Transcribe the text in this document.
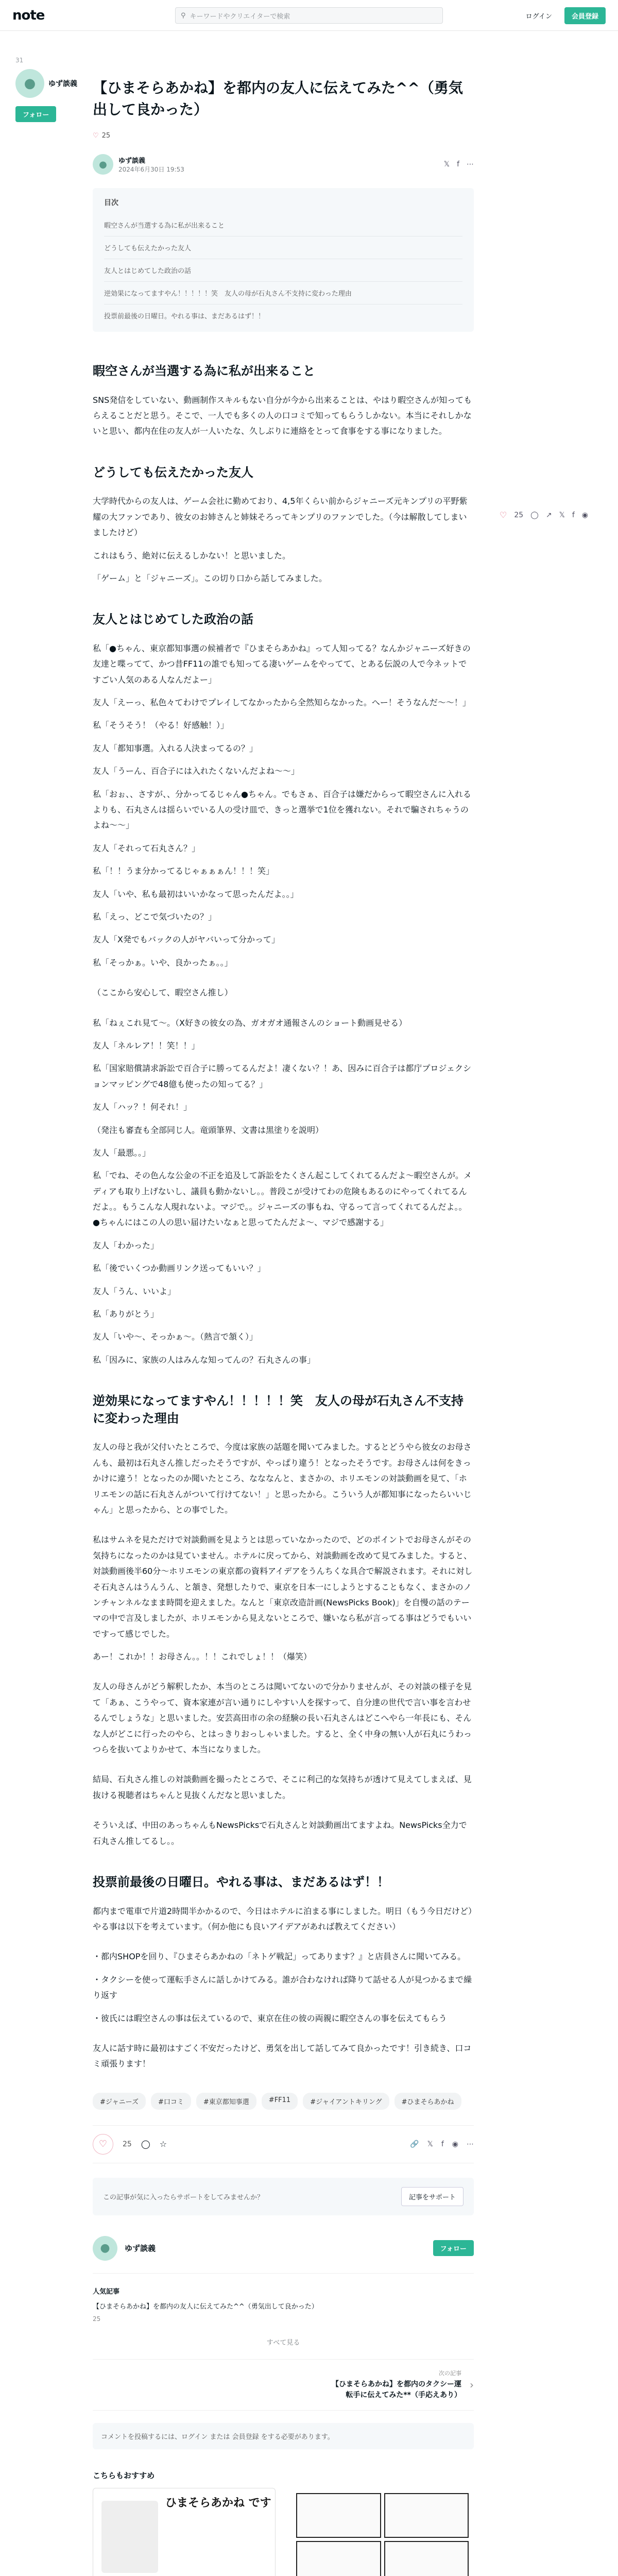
note	⚲ キーワードやクリエイターで検索	ログイン	会員登録
31
●	ゆず談義
フォロー
♡ 25 ◯ ↗ 𝕏 f ◉
【ひまそらあかね】を都内の友人に伝えてみた^^（勇気出して良かった）
♡ 25
●	ゆず談義
2024年6月30日 19:53
𝕏 f ⋯
目次
暇空さんが当選する為に私が出来ること
どうしても伝えたかった友人
友人とはじめてした政治の話
逆効果になってますやん！！！！！笑　友人の母が石丸さん不支持に変わった理由
投票前最後の日曜日。やれる事は、まだあるはず！！
暇空さんが当選する為に私が出来ること

SNS発信をしていない、動画制作スキルもない自分が今から出来ることは、やはり暇空さんが知ってもらえることだと思う。そこで、一人でも多くの人の口コミで知ってもらうしかない。本当にそれしかないと思い、都内在住の友人が一人いたな、久しぶりに連絡をとって食事をする事になりました。

どうしても伝えたかった友人

大学時代からの友人は、ゲーム会社に勤めており、4,5年くらい前からジャニーズ元キンプリの平野紫耀の大ファンであり、彼女のお姉さんと姉妹そろってキンプリのファンでした。（今は解散してしまいましたけど）

これはもう、絶対に伝えるしかない！と思いました。

「ゲーム」と「ジャニーズ」。この切り口から話してみました。

友人とはじめてした政治の話

私「●ちゃん、東京都知事選の候補者で『ひまそらあかね』って人知ってる？なんかジャニーズ好きの友達と喋ってて、かつ昔FF11の誰でも知ってる凄いゲームをやってて、とある伝説の人で今ネットですごい人気のある人なんだよー」

友人「えーっ、私色々てわけでプレイしてなかったから全然知らなかった。へー！そうなんだ〜〜！」

私「そうそう！（やる！好感触！）」

友人「都知事選。入れる人決まってるの？」

友人「うーん、百合子には入れたくないんだよね〜〜」

私「おぉ、、さすが、、分かってるじゃん●ちゃん。でもさぁ、百合子は嫌だからって暇空さんに入れるよりも、石丸さんは揺らいでいる人の受け皿で、きっと選挙で1位を獲れない。それで騙されちゃうのよね〜〜」

友人「それって石丸さん？」

私「！！うま分かってるじゃぁぁぁん！！！笑」

友人「いや、私も最初はいいかなって思ったんだよ。。」

私「えっ、どこで気づいたの？」

友人「X発でもバックの人がヤバいって分かって」

私「そっかぁ。いや、良かったぁ。。」

（ここから安心して、暇空さん推し）

私「ねぇこれ見て〜。（X好きの彼女の為、ガオガオ通報さんのショート動画見せる）

友人「ネルレア！！笑！！」

私「国家賠償請求訴訟で百合子に勝ってるんだよ！凄くない？！あ、因みに百合子は都庁プロジェクションマッピングで48億も使ったの知ってる？」

友人「ハッ？！何それ！」

（発注も審査も全部同じ人。竜頭筆界、文書は黒塗りを説明）

友人「最悪。。」

私「でね、その色んな公金の不正を追及して訴訟をたくさん起こしてくれてるんだよ〜暇空さんが。メディアも取り上げないし、議員も動かないし。。普段こが受けてわの危険もあるのにやってくれてるんだよ。。もうこんな人現れないよ。マジで。。ジャニーズの事もね、守るって言ってくれてるんだよ。。●ちゃんにはこの人の思い届けたいなぁと思ってたんだよ〜、マジで感謝する」

友人「わかった」

私「後でいくつか動画リンク送ってもいい？」

友人「うん、いいよ」

私「ありがとう」

友人「いや〜、そっかぁ〜。（熱言で頷く）」

私「因みに、家族の人はみんな知ってんの？石丸さんの事」

逆効果になってますやん！！！！！笑　友人の母が石丸さん不支持に変わった理由

友人の母と我が父付いたところで、今度は家族の話題を聞いてみました。するとどうやら彼女のお母さんも、最初は石丸さん推しだったそうですが、やっぱり違う！となったそうです。お母さんは何をきっかけに違う！となったのか聞いたところ、なななんと、まさかの、ホリエモンの対談動画を見て、「ホリエモンの話に石丸さんがついて行けてない！」と思ったから。こういう人が都知事になったらいいじゃん」と思ったから、との事でした。

私はサムネを見ただけで対談動画を見ようとは思っていなかったので、どのポイントでお母さんがその気持ちになったのかは見ていません。ホテルに戻ってから、対談動画を改めて見てみました。すると、対談動画後半60分〜ホリエモンの東京都の資料アイデアをうんちくな具合で解説されます。それに対しそ石丸さんはうんうん、と頷き、発想したりで、東京を日本一にしようとすることもなく、まさかのノンチャンネルなまま時間を迎えました。なんと「東京改造計画(NewsPicks Book)」を自慢の話のテーマの中で言及しましたが、ホリエモンから見えないところで、嫌いなら私が言ってる事はどうでもいいですって感じでした。

あー！これか！！お母さん。。！！これでしょ！！（爆笑）

友人の母さんがどう解釈したか、本当のところは聞いてないので分かりませんが、その対談の様子を見て「あぁ、こうやって、資本家連が言い通りにしやすい人を探すって、自分達の世代で言い事を言わせるんでしょうな」と思いました。安芸高田市の余の経験の長い石丸さんはどこへやら一年長にも、そんな人がどこに行ったのやら、とはっきりおっしゃいました。すると、全く中身の無い人が石丸にうわっつらを抜いてよりかせて、本当になりました。

結局、石丸さん推しの対談動画を撮ったところで、そこに利己的な気持ちが透けて見えてしまえば、見抜ける視聴者はちゃんと見抜くんだなと思いました。

そういえば、中田のあっちゃんもNewsPicksで石丸さんと対談動画出てますよね。NewsPicks全力で石丸さん推してるし。。

投票前最後の日曜日。やれる事は、まだあるはず！！

都内まで電車で片道2時間半かかるので、今日はホテルに泊まる事にしました。明日（もう今日だけど）やる事は以下を考えています。（何か他にも良いアイデアがあれば教えてください）

・都内SHOPを回り、『ひまそらあかねの「ネトゲ戦記」ってあります？』と店員さんに聞いてみる。

・タクシーを使って運転手さんに話しかけてみる。誰が合わなければ降りて話せる人が見つかるまで繰り返す

・彼氏には暇空さんの事は伝えているので、東京在住の彼の両親に暇空さんの事を伝えてもらう

友人に話す時に最初はすごく不安だったけど、勇気を出して話してみて良かったです！引き続き、口コミ頑張ります！

#ジャニーズ	#口コミ	#東京都知事選	#FF11	#ジャイアントキリング	#ひまそらあかね
♡	25 ◯ ☆	🔗 𝕏 f ◉ ⋯
この記事が気に入ったらサポートをしてみませんか？	記事をサポート
●	ゆず談義	フォロー
人気記事
【ひまそらあかね】を都内の友人に伝えてみた^^（勇気出して良かった）
25
すべて見る
次の記事
【ひまそらあかね】を都内のタクシー運転手に伝えてみた**（手応えあり）
›
コメントを投稿するには、ログイン または 会員登録 をする必要があります。
こちらもおすすめ
ひまそらあかね です
